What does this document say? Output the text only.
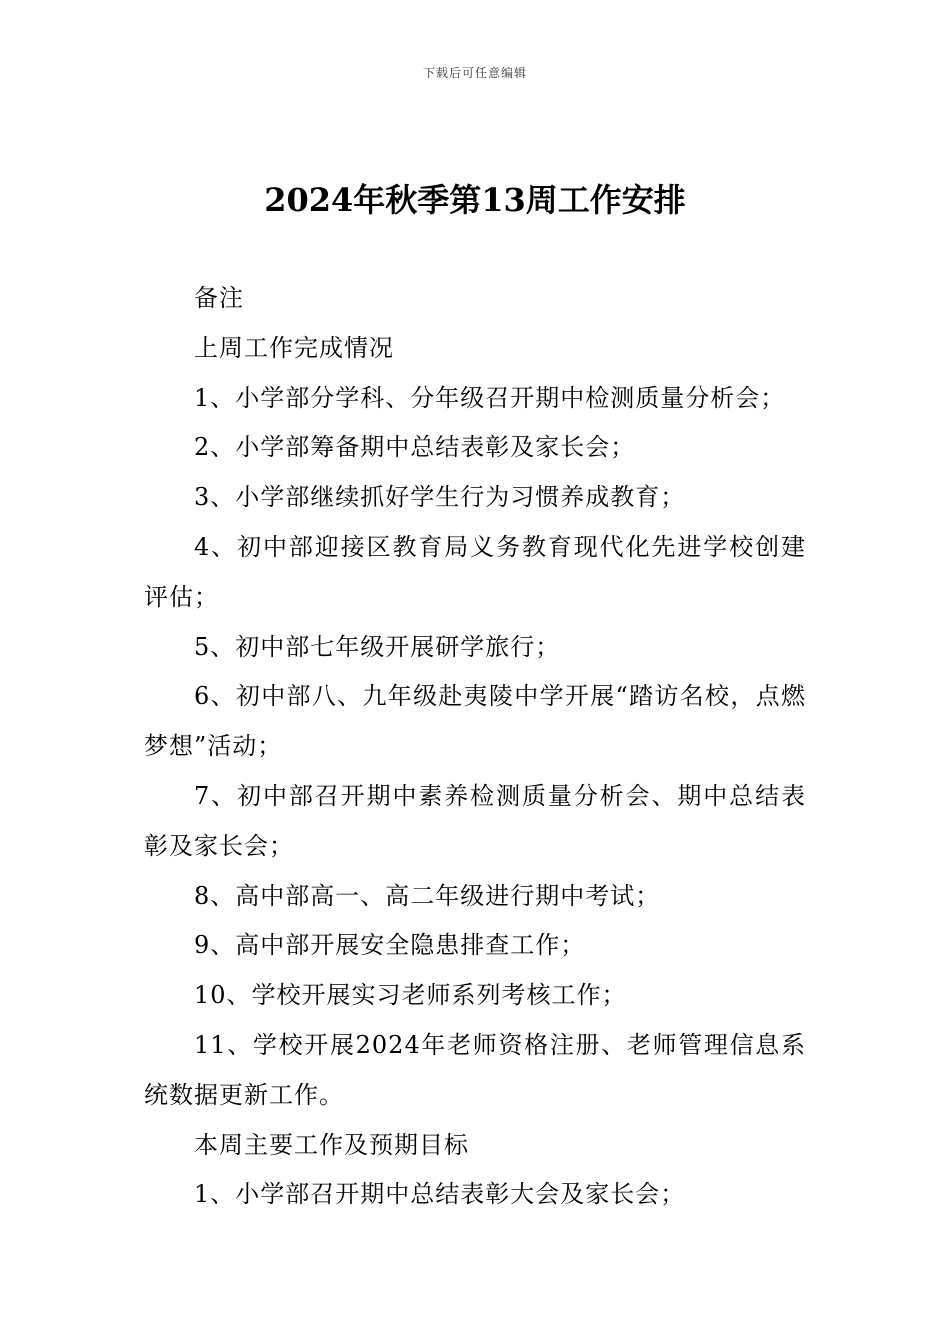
下载后可任意编辑
2024年秋季第13周工作安排

备注

上周工作完成情况

1、小学部分学科、分年级召开期中检测质量分析会；

2、小学部筹备期中总结表彰及家长会；

3、小学部继续抓好学生行为习惯养成教育；

4、初中部迎接区教育局义务教育现代化先进学校创建评估；

5、初中部七年级开展研学旅行；

6、初中部八、九年级赴夷陵中学开展“踏访名校，点燃梦想”活动；

7、初中部召开期中素养检测质量分析会、期中总结表彰及家长会；

8、高中部高一、高二年级进行期中考试；

9、高中部开展安全隐患排查工作；

10、学校开展实习老师系列考核工作；

11、学校开展2024年老师资格注册、老师管理信息系统数据更新工作。

本周主要工作及预期目标

1、小学部召开期中总结表彰大会及家长会；
